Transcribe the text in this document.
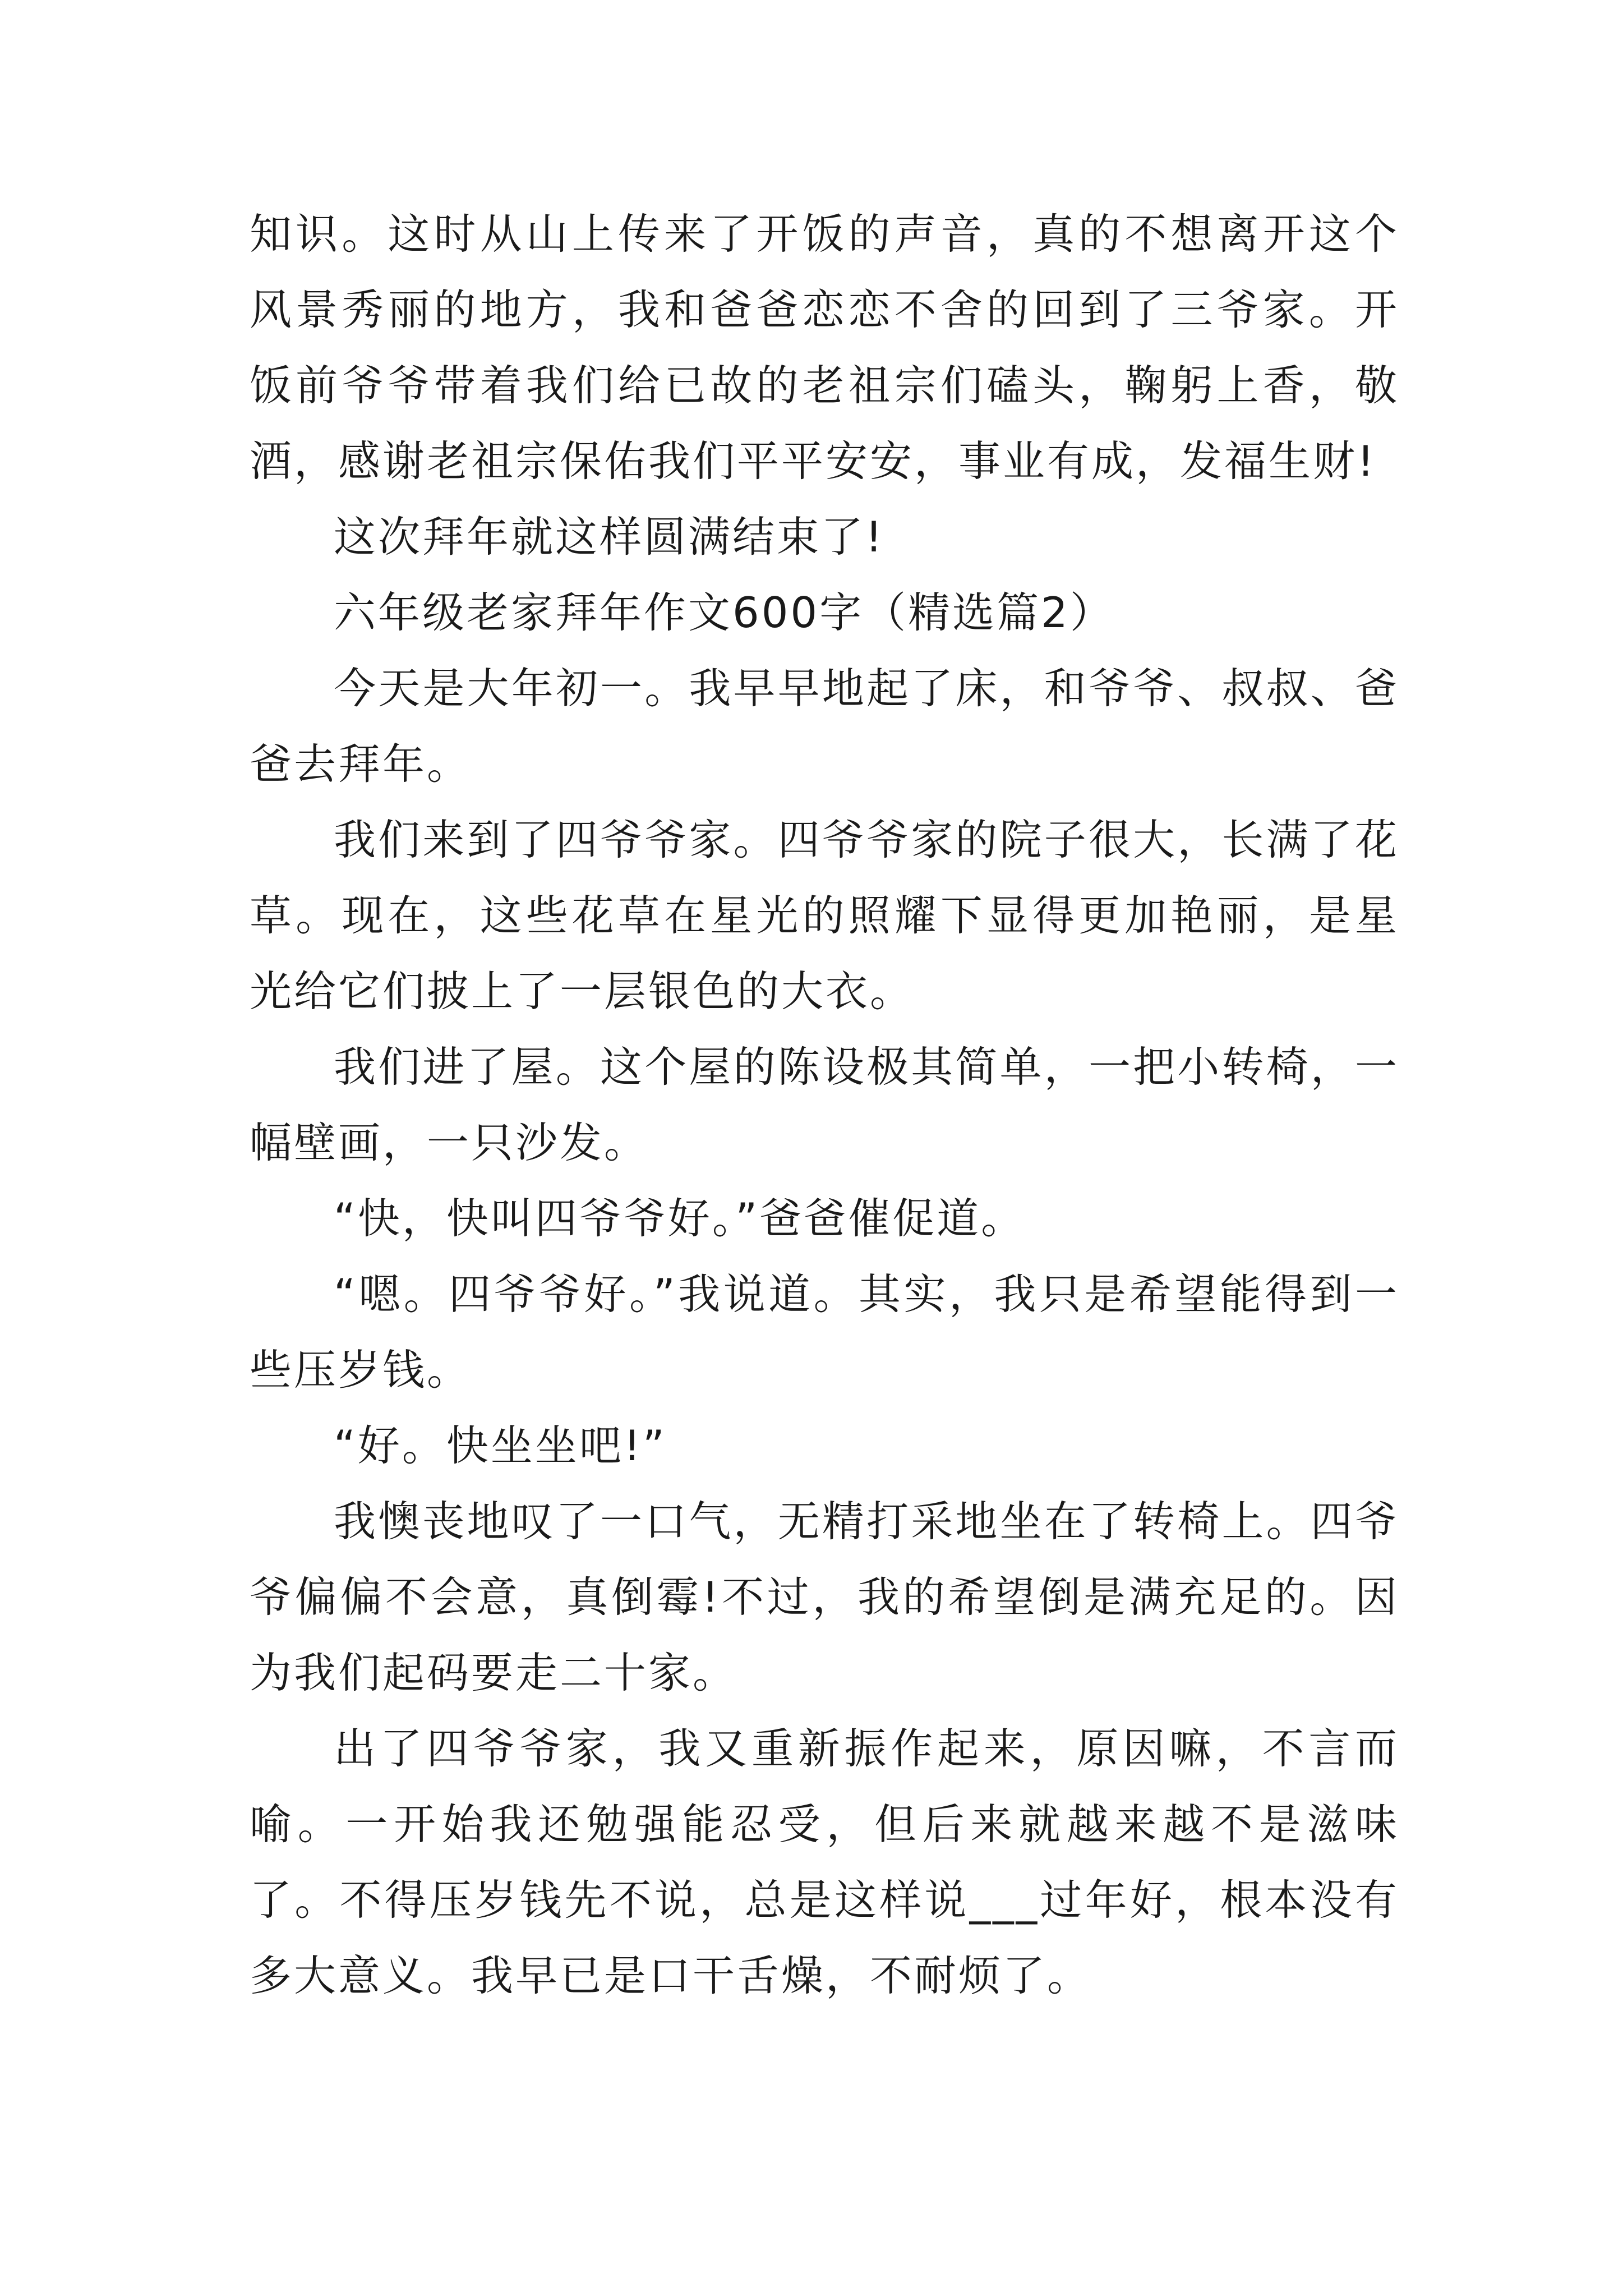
知识。这时从山上传来了开饭的声音，真的不想离开这个风景秀丽的地方，我和爸爸恋恋不舍的回到了三爷家。开饭前爷爷带着我们给已故的老祖宗们磕头，鞠躬上香，敬酒，感谢老祖宗保佑我们平平安安，事业有成，发福生财!

这次拜年就这样圆满结束了!

六年级老家拜年作文600字（精选篇2）

今天是大年初一。我早早地起了床，和爷爷、叔叔、爸爸去拜年。

我们来到了四爷爷家。四爷爷家的院子很大，长满了花草。现在，这些花草在星光的照耀下显得更加艳丽，是星光给它们披上了一层银色的大衣。

我们进了屋。这个屋的陈设极其简单，一把小转椅，一幅壁画，一只沙发。

“快，快叫四爷爷好。”爸爸催促道。

“嗯。四爷爷好。”我说道。其实，我只是希望能得到一些压岁钱。

“好。快坐坐吧!”

我懊丧地叹了一口气，无精打采地坐在了转椅上。四爷爷偏偏不会意，真倒霉!不过，我的希望倒是满充足的。因为我们起码要走二十家。

出了四爷爷家，我又重新振作起来，原因嘛，不言而喻。一开始我还勉强能忍受，但后来就越来越不是滋味了。不得压岁钱先不说，总是这样说___过年好，根本没有多大意义。我早已是口干舌燥，不耐烦了。
